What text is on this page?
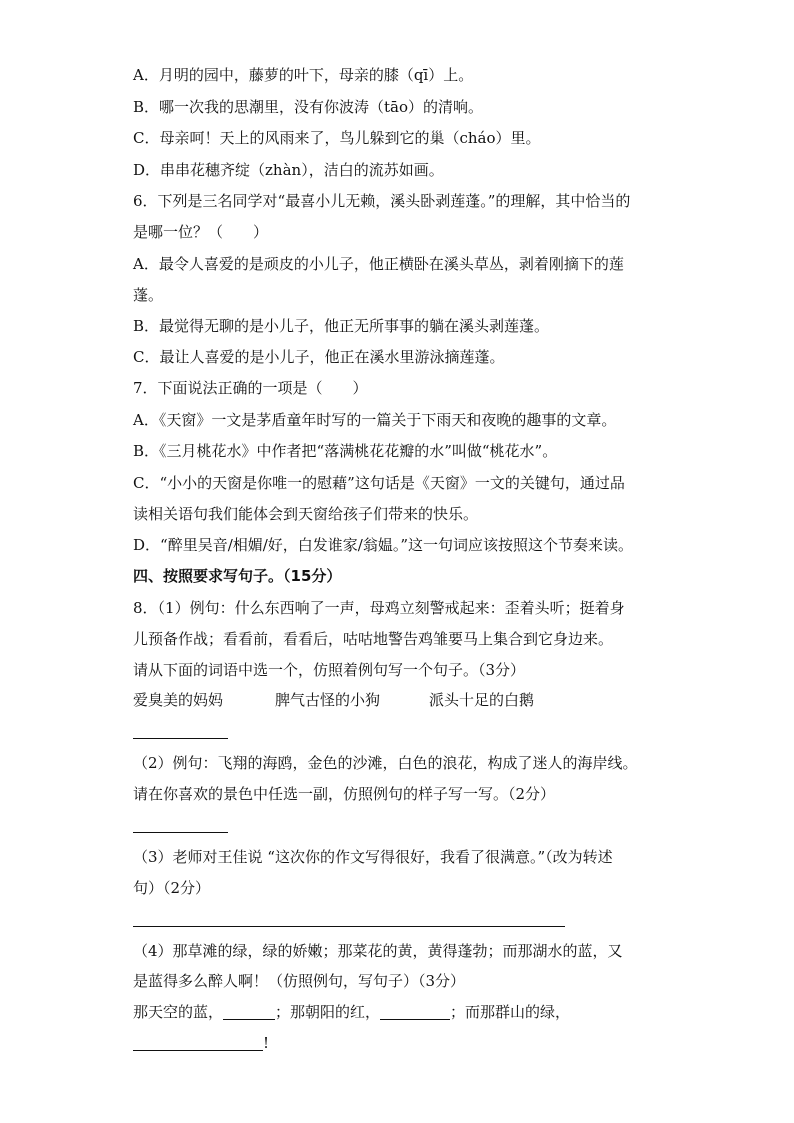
A．月明的园中，藤萝的叶下，母亲的膝（qī）上。
B．哪一次我的思潮里，没有你波涛（tāo）的清响。
C．母亲呵！天上的风雨来了，鸟儿躲到它的巢（cháo）里。
D．串串花穗齐绽（zhàn），洁白的流苏如画。
6．下列是三名同学对“最喜小儿无赖，溪头卧剥莲蓬。”的理解，其中恰当的
是哪一位？（　　）
A．最令人喜爱的是顽皮的小儿子，他正横卧在溪头草丛，剥着刚摘下的莲
蓬。
B．最觉得无聊的是小儿子，他正无所事事的躺在溪头剥莲蓬。
C．最让人喜爱的是小儿子，他正在溪水里游泳摘莲蓬。
7．下面说法正确的一项是（　　）
A．《天窗》一文是茅盾童年时写的一篇关于下雨天和夜晚的趣事的文章。
B．《三月桃花水》中作者把“落满桃花花瓣的水”叫做“桃花水”。
C．“小小的天窗是你唯一的慰藉”这句话是《天窗》一文的关键句，通过品
读相关语句我们能体会到天窗给孩子们带来的快乐。
D．“醉里吴音/相媚/好，白发谁家/翁媪。”这一句词应该按照这个节奏来读。
四、按照要求写句子。（15分）
8．（1）例句：什么东西响了一声，母鸡立刻警戒起来：歪着头听；挺着身
儿预备作战；看看前，看看后，咕咕地警告鸡雏要马上集合到它身边来。
请从下面的词语中选一个，仿照着例句写一个句子。（3分）
爱臭美的妈妈	脾气古怪的小狗	派头十足的白鹅
（2）例句：飞翔的海鸥，金色的沙滩，白色的浪花，构成了迷人的海岸线。
请在你喜欢的景色中任选一副，仿照例句的样子写一写。（2分）
（3）老师对王佳说 “这次你的作文写得很好，我看了很满意。”（改为转述
句）（2分）
（4）那草滩的绿，绿的娇嫩；那菜花的黄，黄得蓬勃；而那湖水的蓝，又
是蓝得多么醉人啊！（仿照例句，写句子）（3分）
那天空的蓝，	；那朝阳的红，	；而那群山的绿，
!
